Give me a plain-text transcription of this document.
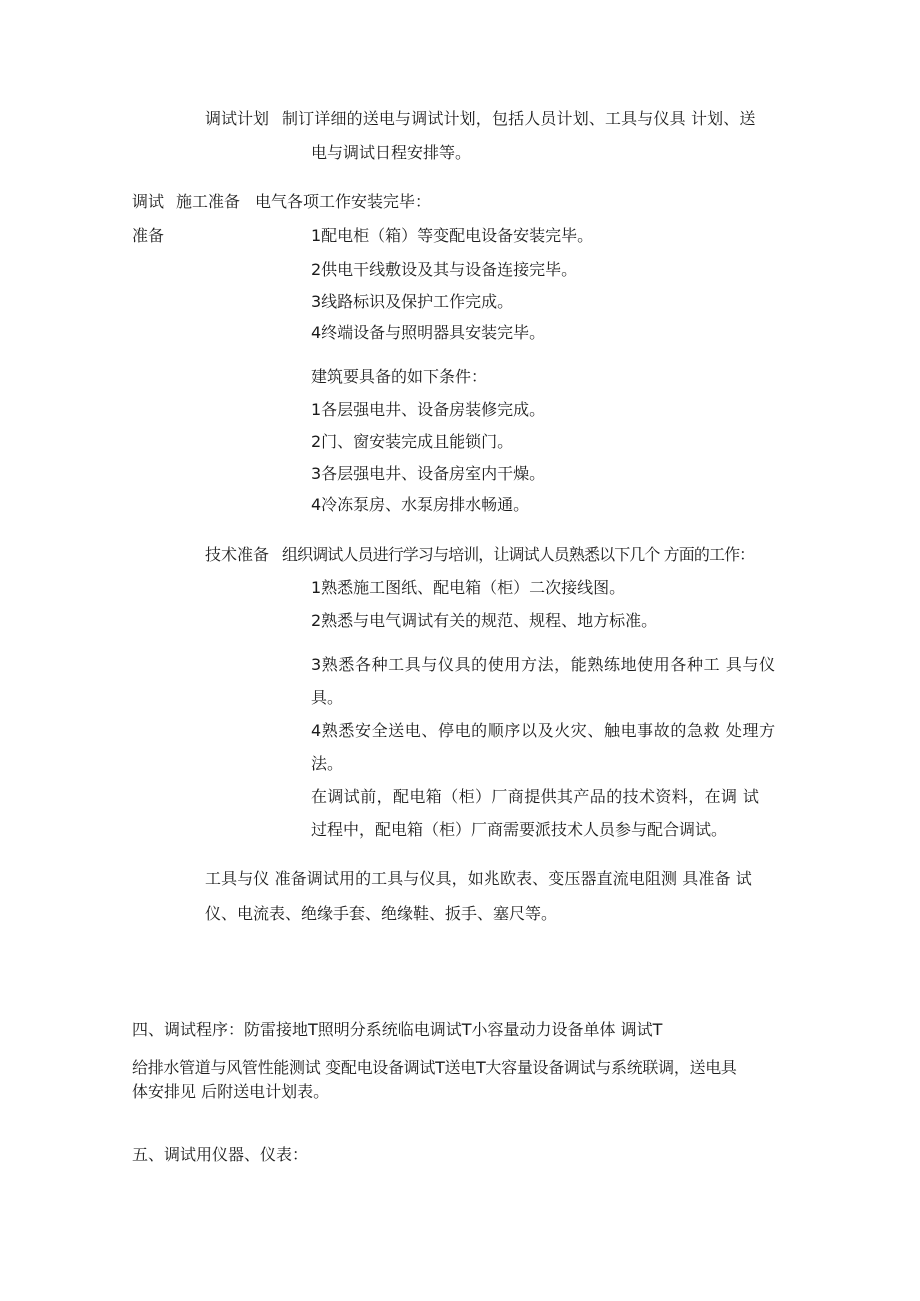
调试计划 制订详细的送电与调试计划，包括人员计划、工具与仪具 计划、送
电与调试日程安排等。
调试
准备
施工准备 电气各项工作安装完毕：
1配电柜（箱）等变配电设备安装完毕。
2供电干线敷设及其与设备连接完毕。
3线路标识及保护工作完成。
4终端设备与照明器具安装完毕。
建筑要具备的如下条件：
1各层强电井、设备房装修完成。
2门、窗安装完成且能锁门。
3各层强电井、设备房室内干燥。
4冷冻泵房、水泵房排水畅通。
技术准备 组织调试人员进行学习与培训，让调试人员熟悉以下几个 方面的工作：
1熟悉施工图纸、配电箱（柜）二次接线图。
2熟悉与电气调试有关的规范、规程、地方标准。
3熟悉各种工具与仪具的使用方法，能熟练地使用各种工 具与仪
具。
4熟悉安全送电、停电的顺序以及火灾、触电事故的急救 处理方
法。
在调试前，配电箱（柜）厂商提供其产品的技术资料，在调 试
过程中，配电箱（柜）厂商需要派技术人员参与配合调试。
工具与仪 准备调试用的工具与仪具，如兆欧表、变压器直流电阻测 具准备 试
仪、电流表、绝缘手套、绝缘鞋、扳手、塞尺等。
四、调试程序：防雷接地T照明分系统临电调试T小容量动力设备单体 调试T
给排水管道与风管性能测试 变配电设备调试T送电T大容量设备调试与系统联调，送电具
体安排见 后附送电计划表。
五、调试用仪器、仪表：
